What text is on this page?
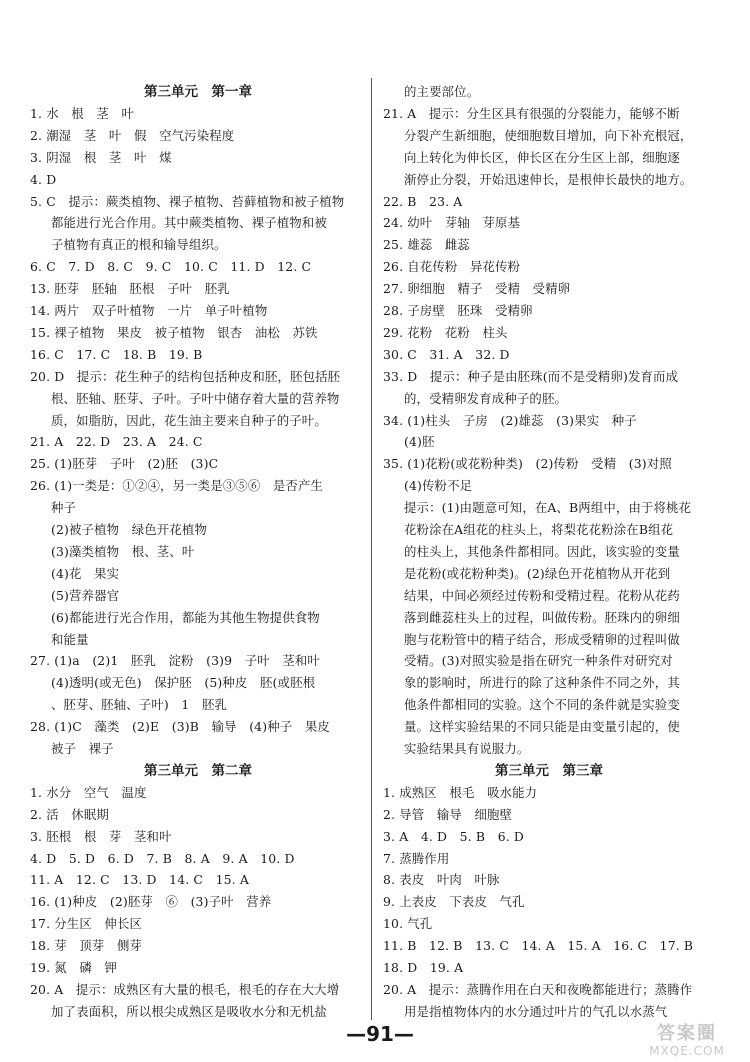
第三单元　第一章
1. 水　根　茎　叶
2. 潮湿　茎　叶　假　空气污染程度
3. 阴湿　根　茎　叶　煤
4. D
5. C　提示：蕨类植物、裸子植物、苔藓植物和被子植物
都能进行光合作用。其中蕨类植物、裸子植物和被
子植物有真正的根和输导组织。
6. C　7. D　8. C　9. C　10. C　11. D　12. C
13. 胚芽　胚轴　胚根　子叶　胚乳
14. 两片　双子叶植物　一片　单子叶植物
15. 裸子植物　果皮　被子植物　银杏　油松　苏铁
16. C　17. C　18. B　19. B
20. D　提示：花生种子的结构包括种皮和胚，胚包括胚
根、胚轴、胚芽、子叶。子叶中储存着大量的营养物
质，如脂肪，因此，花生油主要来自种子的子叶。
21. A　22. D　23. A　24. C
25. (1)胚芽　子叶　(2)胚　(3)C
26. (1)一类是：①②④，另一类是③⑤⑥　是否产生
种子
(2)被子植物　绿色开花植物
(3)藻类植物　根、茎、叶
(4)花　果实
(5)营养器官
(6)都能进行光合作用，都能为其他生物提供食物
和能量
27. (1)a　(2)1　胚乳　淀粉　(3)9　子叶　茎和叶
(4)透明(或无色)　保护胚　(5)种皮　胚(或胚根
、胚芽、胚轴、子叶)　1　胚乳
28. (1)C　藻类　(2)E　(3)B　输导　(4)种子　果皮
被子　裸子
第三单元　第二章
1. 水分　空气　温度
2. 活　休眠期
3. 胚根　根　芽　茎和叶
4. D　5. D　6. D　7. B　8. A　9. A　10. D
11. A　12. C　13. D　14. C　15. A
16. (1)种皮　(2)胚芽　⑥　(3)子叶　营养
17. 分生区　伸长区
18. 芽　顶芽　侧芽
19. 氮　磷　钾
20. A　提示：成熟区有大量的根毛，根毛的存在大大增
加了表面积，所以根尖成熟区是吸收水分和无机盐
的主要部位。
21. A　提示：分生区具有很强的分裂能力，能够不断
分裂产生新细胞，使细胞数目增加，向下补充根冠，
向上转化为伸长区，伸长区在分生区上部，细胞逐
渐停止分裂，开始迅速伸长，是根伸长最快的地方。
22. B　23. A
24. 幼叶　芽轴　芽原基
25. 雄蕊　雌蕊
26. 自花传粉　异花传粉
27. 卵细胞　精子　受精　受精卵
28. 子房壁　胚珠　受精卵
29. 花粉　花粉　柱头
30. C　31. A　32. D
33. D　提示：种子是由胚珠(而不是受精卵)发育而成
的，受精卵发育成种子的胚。
34. (1)柱头　子房　(2)雄蕊　(3)果实　种子
(4)胚
35. (1)花粉(或花粉种类)　(2)传粉　受精　(3)对照
(4)传粉不足
提示：(1)由题意可知，在A、B两组中，由于将桃花
花粉涂在A组花的柱头上，将梨花花粉涂在B组花
的柱头上，其他条件都相同。因此，该实验的变量
是花粉(或花粉种类)。(2)绿色开花植物从开花到
结果，中间必须经过传粉和受精过程。花粉从花药
落到雌蕊柱头上的过程，叫做传粉。胚珠内的卵细
胞与花粉管中的精子结合，形成受精卵的过程叫做
受精。(3)对照实验是指在研究一种条件对研究对
象的影响时，所进行的除了这种条件不同之外，其
他条件都相同的实验。这个不同的条件就是实验变
量。这样实验结果的不同只能是由变量引起的，使
实验结果具有说服力。
第三单元　第三章
1. 成熟区　根毛　吸水能力
2. 导管　输导　细胞壁
3. A　4. D　5. B　6. D
7. 蒸腾作用
8. 表皮　叶肉　叶脉
9. 上表皮　下表皮　气孔
10. 气孔
11. B　12. B　13. C　14. A　15. A　16. C　17. B
18. D　19. A
20. A　提示：蒸腾作用在白天和夜晚都能进行；蒸腾作
用是指植物体内的水分通过叶片的气孔以水蒸气
—91—	答案圈
MXQE.COM
